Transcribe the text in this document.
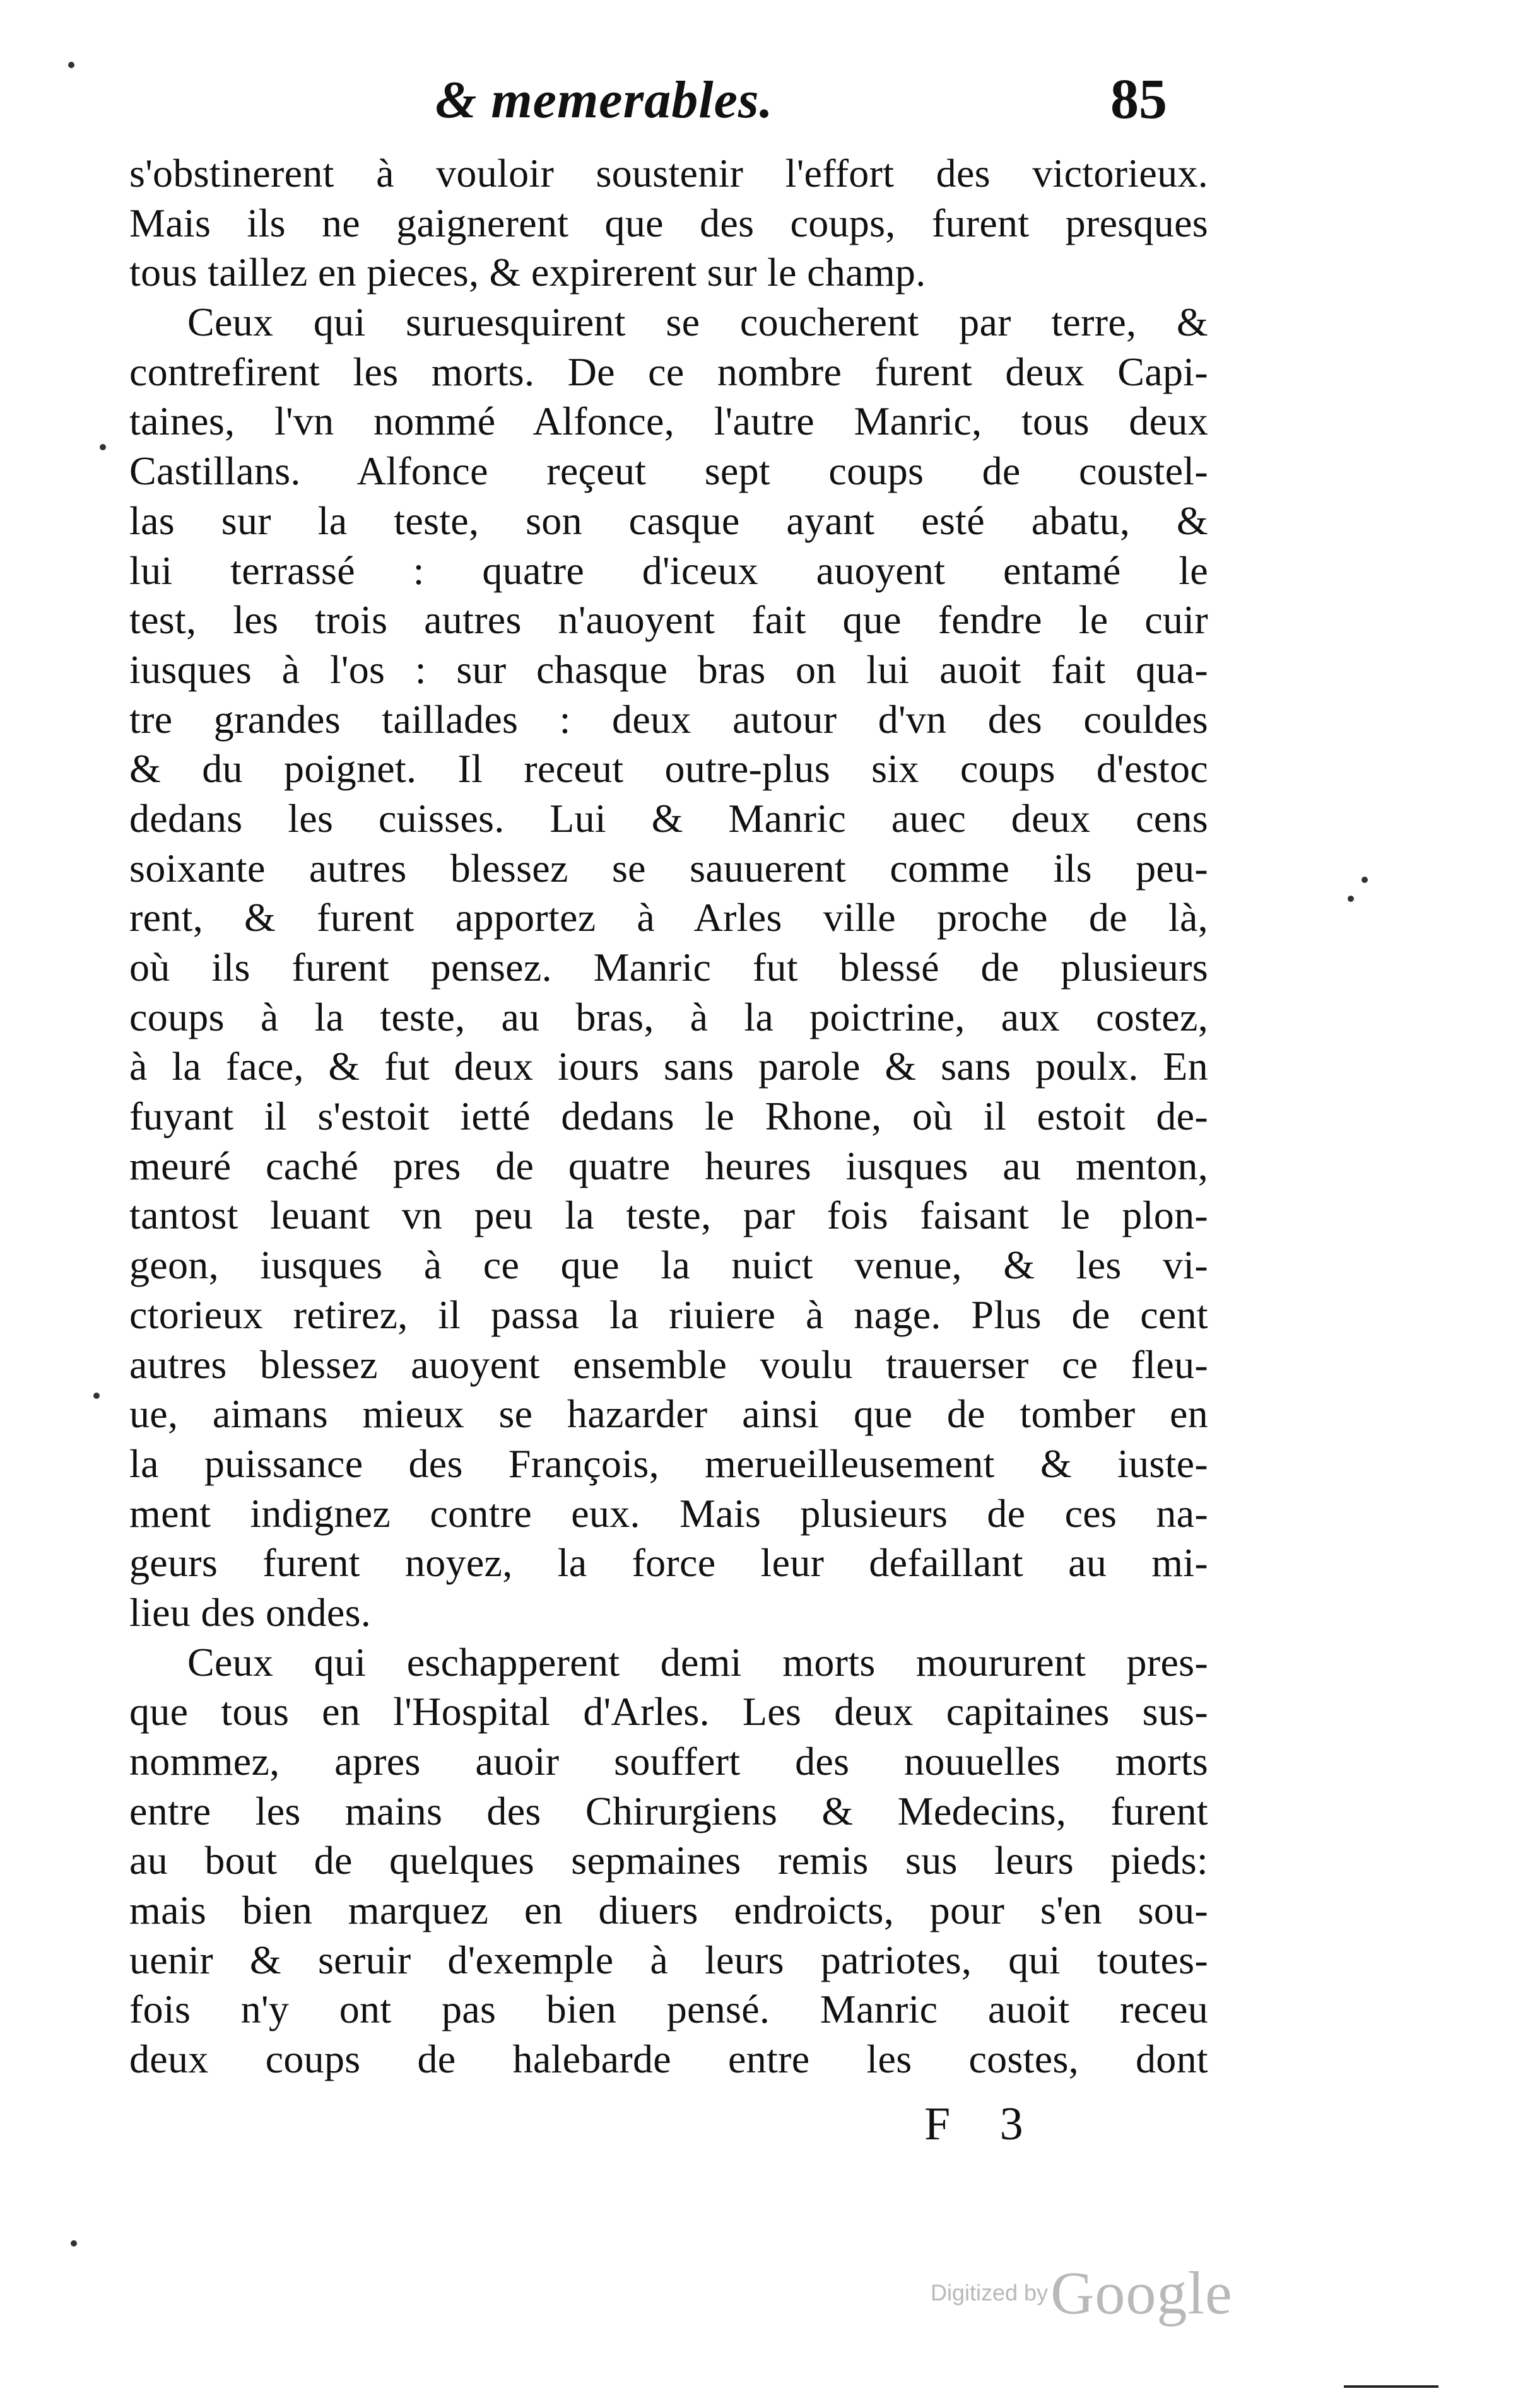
& memerables.	85
s'obstinerent à vouloir soustenir l'effort des victorieux.
Mais ils ne gaignerent que des coups, furent presques
tous taillez en pieces, & expirerent sur le champ.
Ceux qui suruesquirent se coucherent par terre, &
contrefirent les morts. De ce nombre furent deux Capi-
taines, l'vn nommé Alfonce, l'autre Manric, tous deux
Castillans. Alfonce reçeut sept coups de coustel-
las sur la teste, son casque ayant esté abatu, &
lui terrassé : quatre d'iceux auoyent entamé le
test, les trois autres n'auoyent fait que fendre le cuir
iusques à l'os : sur chasque bras on lui auoit fait qua-
tre grandes taillades : deux autour d'vn des couldes
& du poignet. Il receut outre-plus six coups d'estoc
dedans les cuisses. Lui & Manric auec deux cens
soixante autres blessez se sauuerent comme ils peu-
rent, & furent apportez à Arles ville proche de là,
où ils furent pensez. Manric fut blessé de plusieurs
coups à la teste, au bras, à la poictrine, aux costez,
à la face, & fut deux iours sans parole & sans poulx. En
fuyant il s'estoit ietté dedans le Rhone, où il estoit de-
meuré caché pres de quatre heures iusques au menton,
tantost leuant vn peu la teste, par fois faisant le plon-
geon, iusques à ce que la nuict venue, & les vi-
ctorieux retirez, il passa la riuiere à nage. Plus de cent
autres blessez auoyent ensemble voulu trauerser ce fleu-
ue, aimans mieux se hazarder ainsi que de tomber en
la puissance des François, merueilleusement & iuste-
ment indignez contre eux. Mais plusieurs de ces na-
geurs furent noyez, la force leur defaillant au mi-
lieu des ondes.
Ceux qui eschapperent demi morts moururent pres-
que tous en l'Hospital d'Arles. Les deux capitaines sus-
nommez, apres auoir souffert des nouuelles morts
entre les mains des Chirurgiens & Medecins, furent
au bout de quelques sepmaines remis sus leurs pieds:
mais bien marquez en diuers endroicts, pour s'en sou-
uenir & seruir d'exemple à leurs patriotes, qui toutes-
fois n'y ont pas bien pensé. Manric auoit receu
deux coups de halebarde entre les costes, dont
F 3
Digitized by Google
